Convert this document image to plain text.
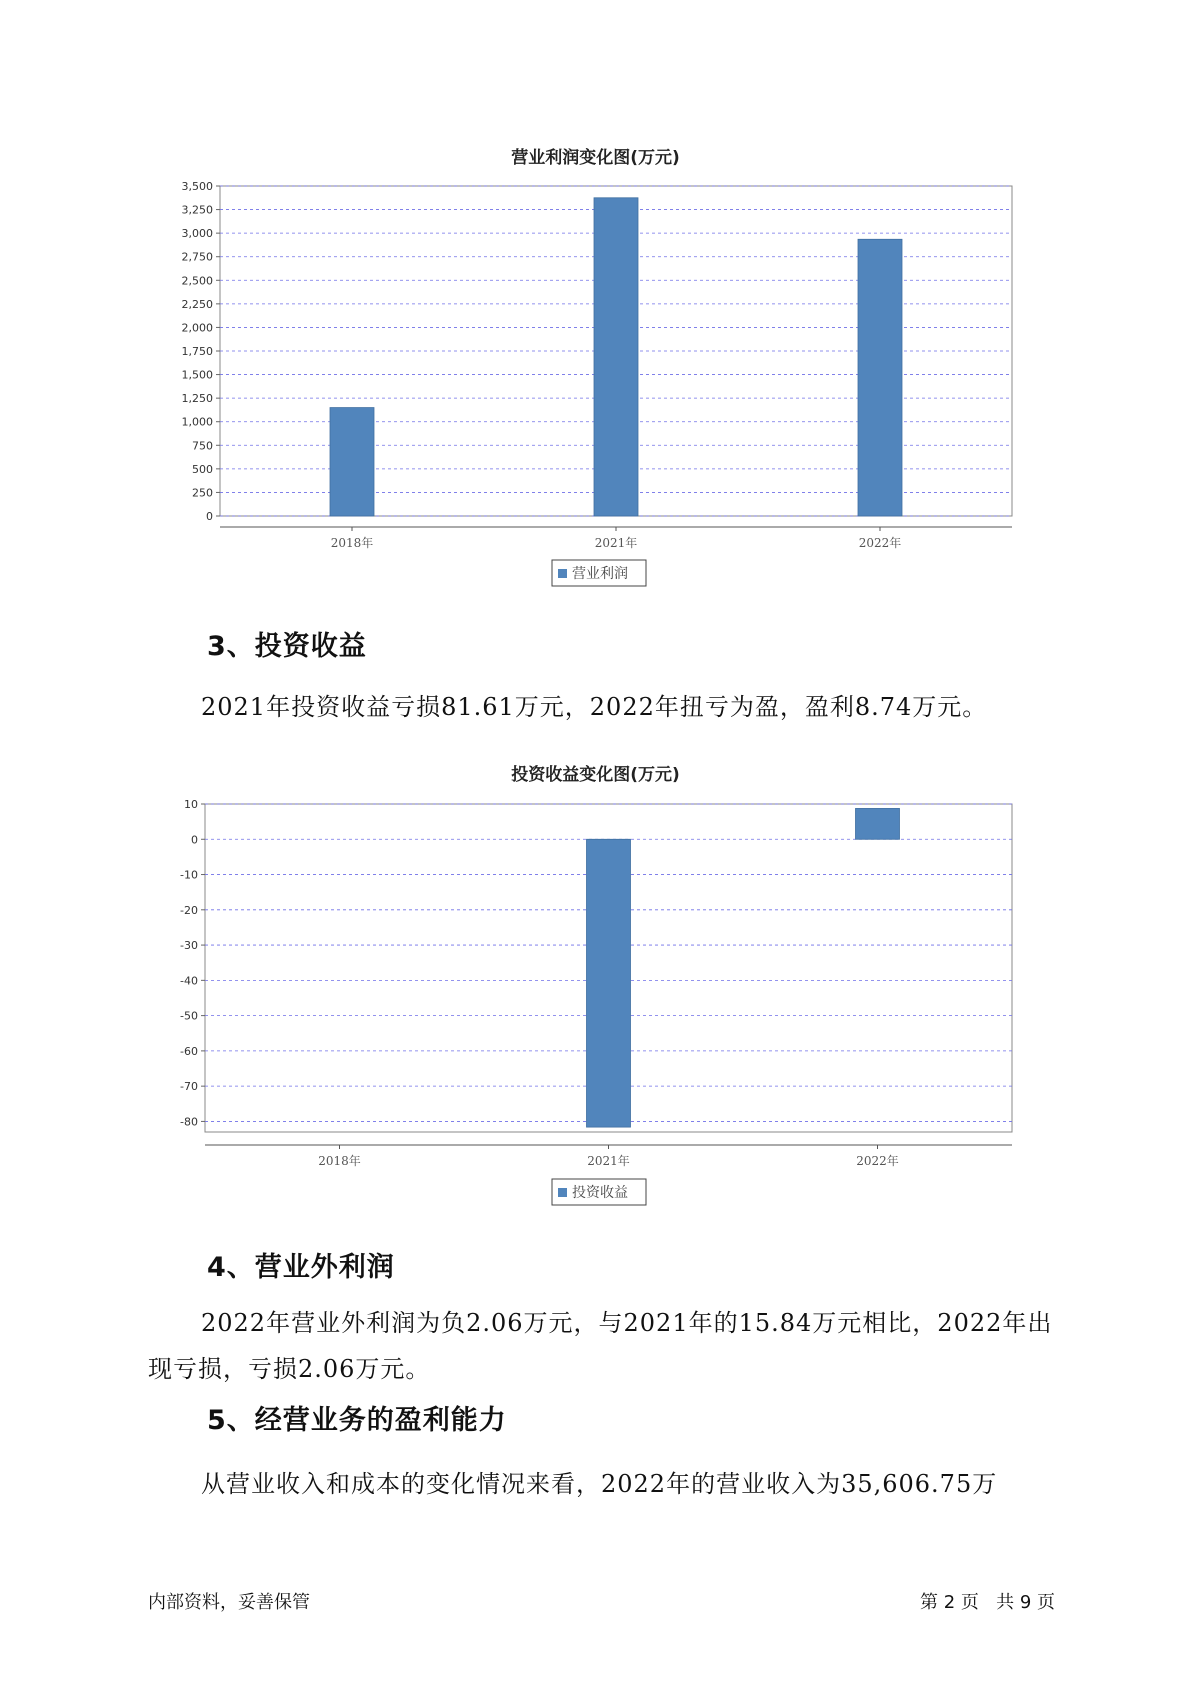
营业利润变化图(万元)
0
250
500
750
1,000
1,250
1,500
1,750
2,000
2,250
2,500
2,750
3,000
3,250
3,500
2018年	2021年	2022年
营业利润
3、投资收益
2021年投资收益亏损81.61万元，2022年扭亏为盈，盈利8.74万元。
投资收益变化图(万元)
10
0
-10
-20
-30
-40
-50
-60
-70
-80
2018年	2021年	2022年
投资收益
4、营业外利润
2022年营业外利润为负2.06万元，与2021年的15.84万元相比，2022年出现亏损，亏损2.06万元。
5、经营业务的盈利能力
从营业收入和成本的变化情况来看，2022年的营业收入为35,606.75万
内部资料，妥善保管	第 2 页   共 9 页
